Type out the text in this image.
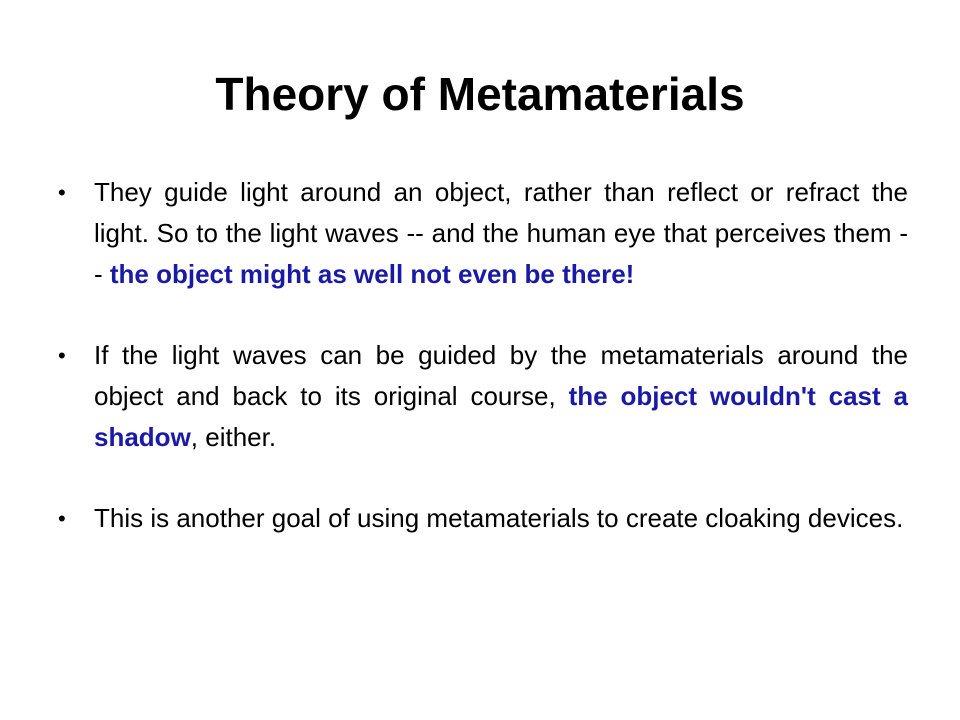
Theory of Metamaterials
•	They guide light around an object, rather than reflect or refract the light. So to the light waves -- and the human eye that perceives them -- the object might as well not even be there!
•	If the light waves can be guided by the metamaterials around the object and back to its original course, the object wouldn't cast a shadow, either.
•	This is another goal of using metamaterials to create cloaking devices.
